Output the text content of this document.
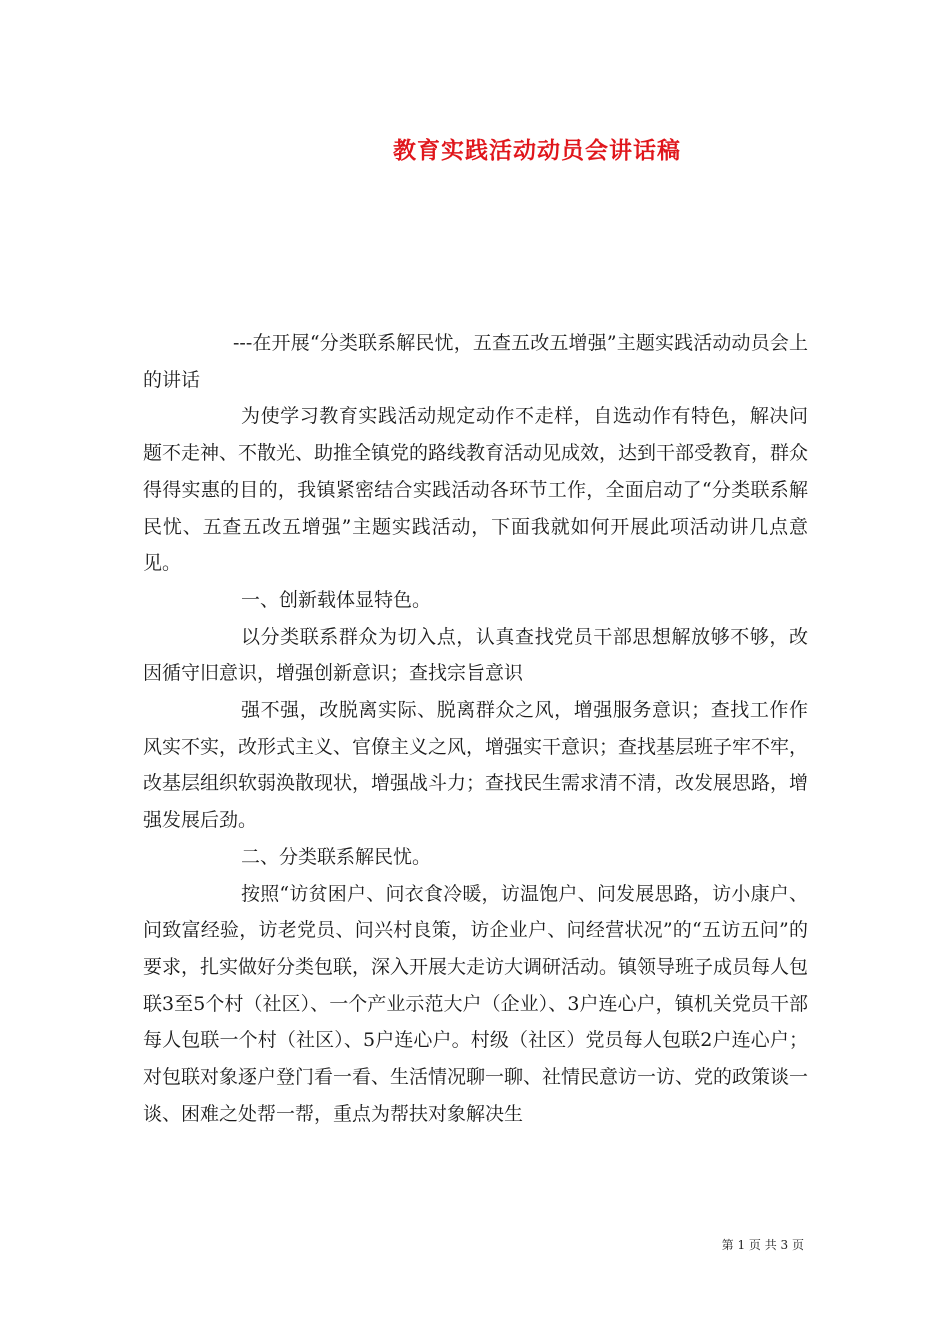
教育实践活动动员会讲话稿

---在开展“分类联系解民忧，五查五改五增强”主题实践活动动员会上的讲话

为使学习教育实践活动规定动作不走样，自选动作有特色，解决问题不走神、不散光、助推全镇党的路线教育活动见成效，达到干部受教育，群众得得实惠的目的，我镇紧密结合实践活动各环节工作，全面启动了“分类联系解民忧、五查五改五增强”主题实践活动，下面我就如何开展此项活动讲几点意见。

一、创新载体显特色。

以分类联系群众为切入点，认真查找党员干部思想解放够不够，改因循守旧意识，增强创新意识；查找宗旨意识

强不强，改脱离实际、脱离群众之风，增强服务意识；查找工作作风实不实，改形式主义、官僚主义之风，增强实干意识；查找基层班子牢不牢，改基层组织软弱涣散现状，增强战斗力；查找民生需求清不清，改发展思路，增强发展后劲。

二、分类联系解民忧。

按照“访贫困户、问衣食冷暖，访温饱户、问发展思路，访小康户、问致富经验，访老党员、问兴村良策，访企业户、问经营状况”的“五访五问”的要求，扎实做好分类包联，深入开展大走访大调研活动。镇领导班子成员每人包联3至5个村（社区）、一个产业示范大户（企业）、3户连心户，镇机关党员干部每人包联一个村（社区）、5户连心户。村级（社区）党员每人包联2户连心户；对包联对象逐户登门看一看、生活情况聊一聊、社情民意访一访、党的政策谈一谈、困难之处帮一帮，重点为帮扶对象解决生

第 1 页 共 3 页
